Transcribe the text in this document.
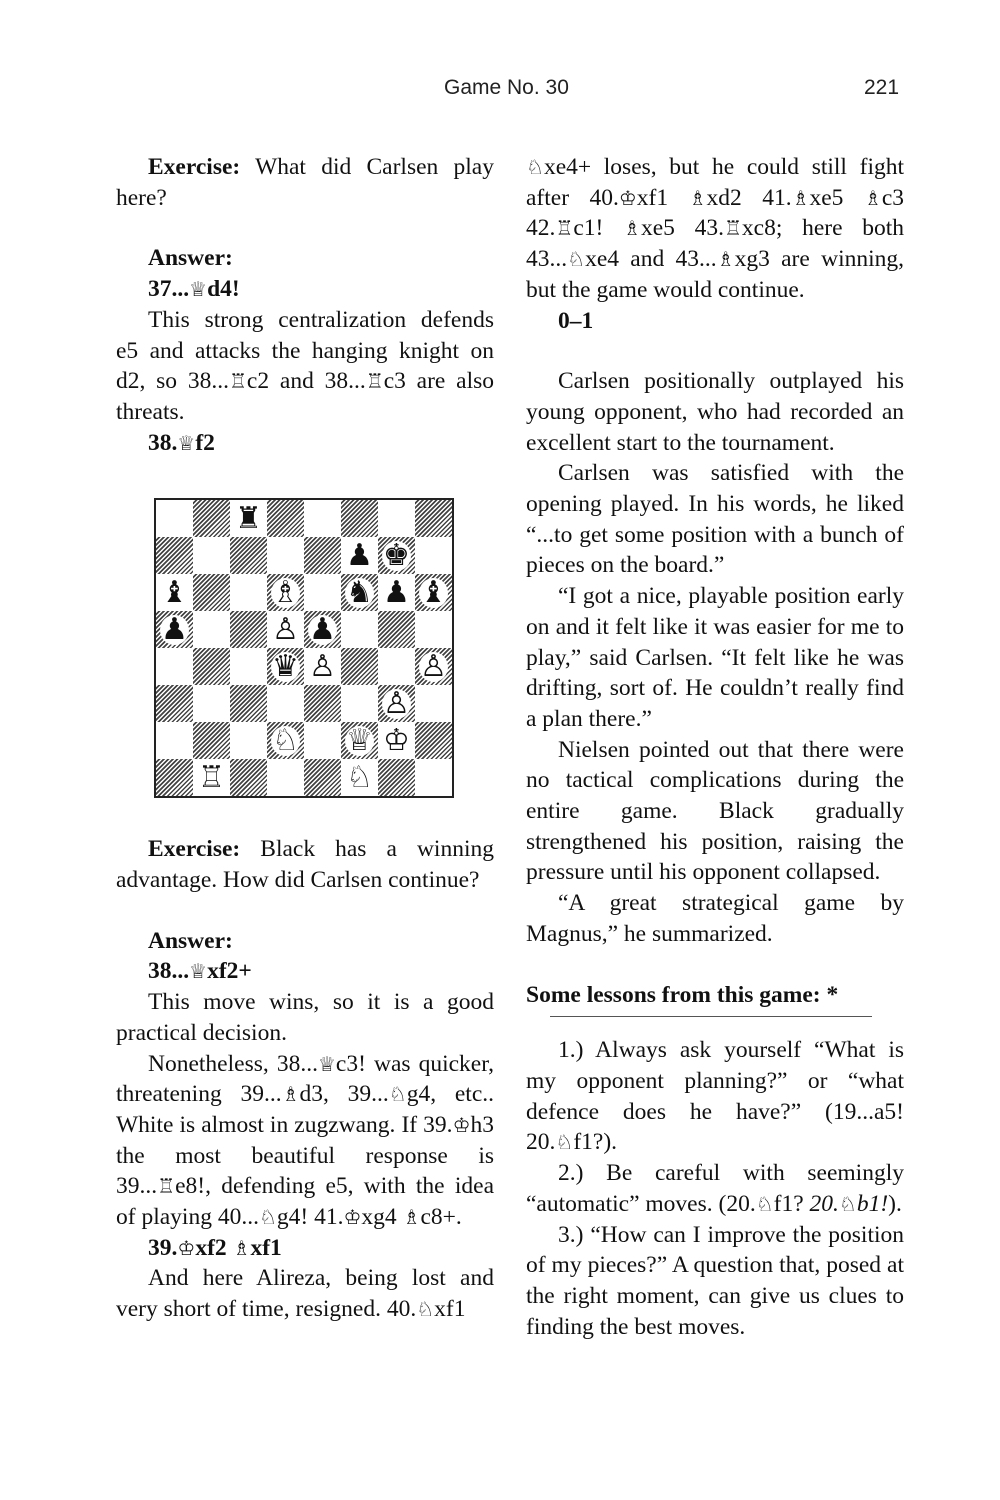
Game No. 30	221

Exercise: What did Carlsen play here?

Answer:

37...♕d4!

This strong centralization defends e5 and attacks the hanging knight on d2, so 38...♖c2 and 38...♖c3 are also threats.

38.♕f2

♜
♟ ♚
♝	♗ ♞ ♟ ♝
♟	♙ ♟
♛ ♙	♙
♙
♘ ♕ ♔
♖	♘

Exercise: Black has a winning advantage. How did Carlsen continue?

Answer:

38...♕xf2+

This move wins, so it is a good practical decision.

Nonetheless, 38...♕c3! was quicker, threatening 39...♗d3, 39...♘g4, etc.. White is almost in zugzwang. If 39.♔h3 the most beautiful response is 39...♖e8!, defending e5, with the idea of playing 40...♘g4! 41.♔xg4 ♗c8+.

39.♔xf2 ♗xf1

And here Alireza, being lost and very short of time, resigned. 40.♘xf1

♘xe4+ loses, but he could still fight after 40.♔xf1 ♗xd2 41.♗xe5 ♗c3 42.♖c1! ♗xe5 43.♖xc8; here both 43...♘xe4 and 43...♗xg3 are winning, but the game would continue.

0–1

Carlsen positionally outplayed his young opponent, who had recorded an excellent start to the tournament.

Carlsen was satisfied with the opening played. In his words, he liked “...to get some position with a bunch of pieces on the board.”

“I got a nice, playable position early on and it felt like it was easier for me to play,” said Carlsen. “It felt like he was drifting, sort of. He couldn’t really find a plan there.”

Nielsen pointed out that there were no tactical complications during the entire game. Black gradually strengthened his position, raising the pressure until his opponent collapsed.

“A great strategical game by Magnus,” he summarized.

Some lessons from this game: *

1.) Always ask yourself “What is my opponent planning?” or “what defence does he have?” (19...a5! 20.♘f1?).

2.) Be careful with seemingly “automatic” moves. (20.♘f1? 20.♘b1!).

3.) “How can I improve the position of my pieces?” A question that, posed at the right moment, can give us clues to finding the best moves.
